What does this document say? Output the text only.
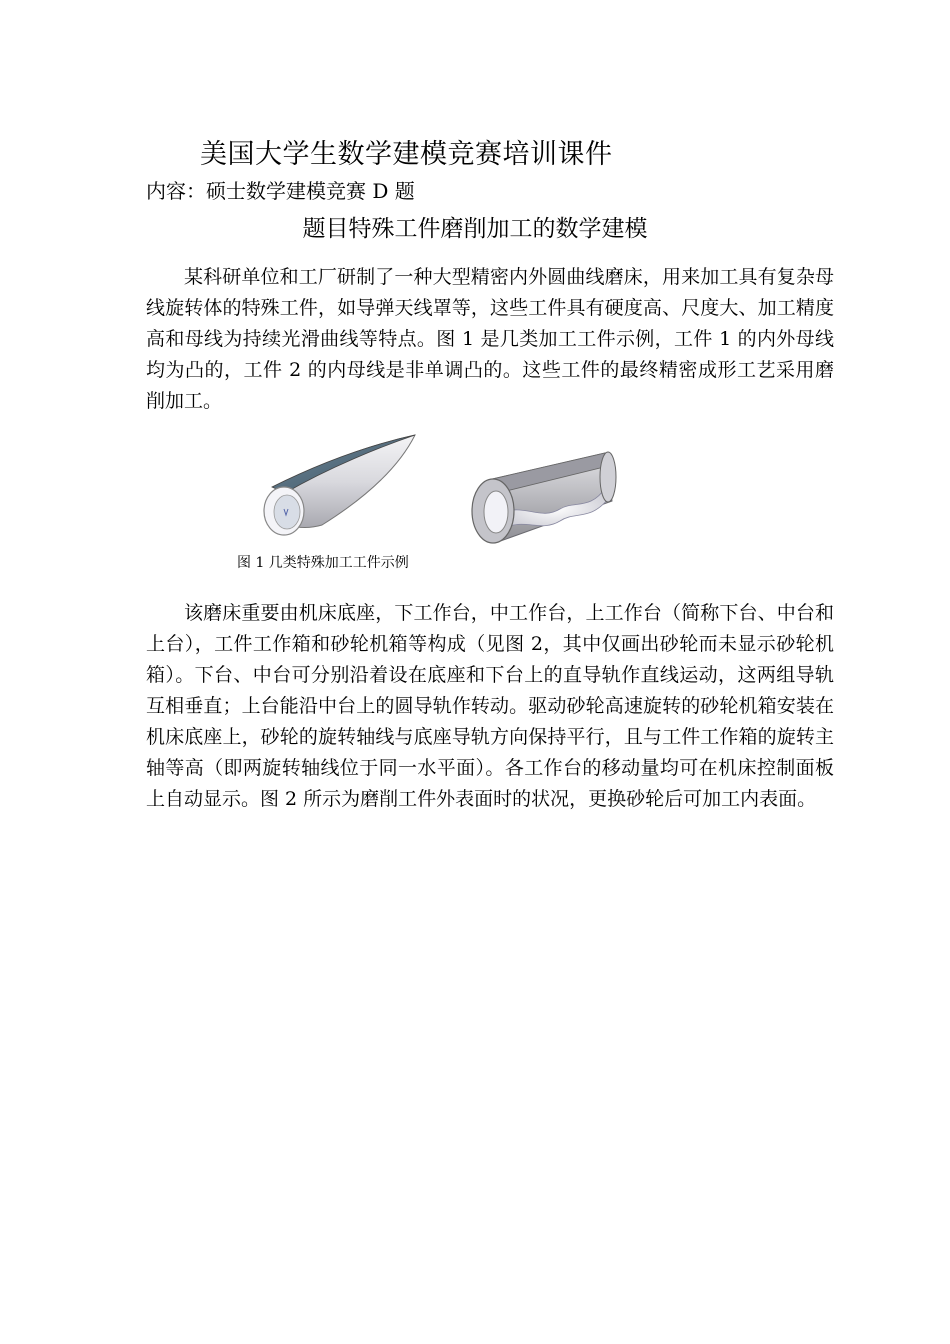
美国大学生数学建模竞赛培训课件
内容：硕士数学建模竞赛 D 题
题目特殊工件磨削加工的数学建模

某科研单位和工厂研制了一种大型精密内外圆曲线磨床，用来加工具有复杂母线旋转体的特殊工件，如导弹天线罩等，这些工件具有硬度高、尺度大、加工精度高和母线为持续光滑曲线等特点。图 1 是几类加工工件示例，工件 1 的内外母线均为凸的，工件 2 的内母线是非单调凸的。这些工件的最终精密成形工艺采用磨削加工。

图 1 几类特殊加工工件示例

该磨床重要由机床底座，下工作台，中工作台，上工作台（简称下台、中台和上台），工件工作箱和砂轮机箱等构成（见图 2，其中仅画出砂轮而未显示砂轮机箱）。下台、中台可分别沿着设在底座和下台上的直导轨作直线运动，这两组导轨互相垂直；上台能沿中台上的圆导轨作转动。驱动砂轮高速旋转的砂轮机箱安装在机床底座上，砂轮的旋转轴线与底座导轨方向保持平行，且与工件工作箱的旋转主轴等高（即两旋转轴线位于同一水平面）。各工作台的移动量均可在机床控制面板上自动显示。图 2 所示为磨削工件外表面时的状况，更换砂轮后可加工内表面。
